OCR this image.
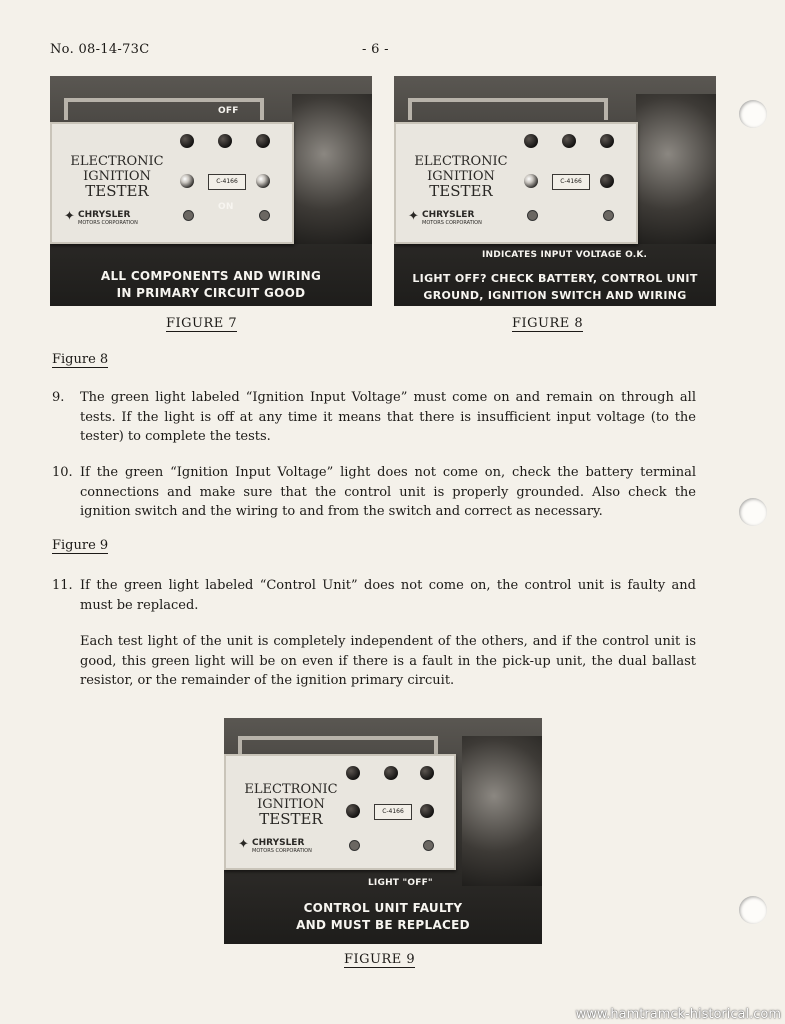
No. 08-14-73C	- 6 -
ELECTRONIC
IGNITION
TESTER
✦ CHRYSLER
MOTORS CORPORATION
C-4166
OFF
ON
ALL COMPONENTS AND WIRING
IN PRIMARY CIRCUIT GOOD
FIGURE 7
ELECTRONIC
IGNITION
TESTER
✦ CHRYSLER
MOTORS CORPORATION
C-4166
INDICATES INPUT VOLTAGE O.K.
LIGHT OFF? CHECK BATTERY, CONTROL UNIT
GROUND, IGNITION SWITCH AND WIRING
FIGURE 8
Figure 8
9. The green light labeled “Ignition Input Voltage” must come on and remain on through all tests. If the light is off at any time it means that there is insufficient input voltage (to the tester) to complete the tests.
10. If the green “Ignition Input Voltage” light does not come on, check the battery terminal connections and make sure that the control unit is properly grounded. Also check the ignition switch and the wiring to and from the switch and correct as necessary.
Figure 9
11. If the green light labeled “Control Unit” does not come on, the control unit is faulty and must be replaced.
Each test light of the unit is completely independent of the others, and if the control unit is good, this green light will be on even if there is a fault in the pick-up unit, the dual ballast resistor, or the remainder of the ignition primary circuit.
ELECTRONIC
IGNITION
TESTER
✦ CHRYSLER
MOTORS CORPORATION
C-4166
LIGHT "OFF"
CONTROL UNIT FAULTY
AND MUST BE REPLACED
FIGURE 9
www.hamtramck-historical.com
